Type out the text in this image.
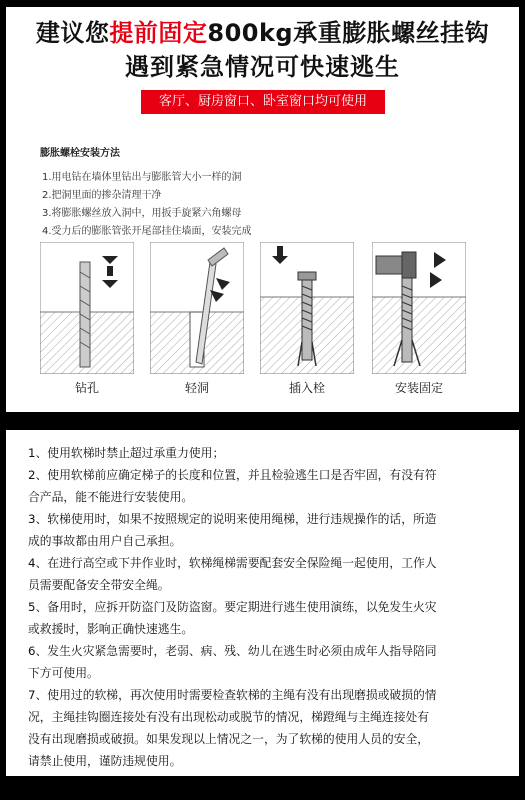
建议您提前固定800kg承重膨胀螺丝挂钩
遇到紧急情况可快速逃生
客厅、厨房窗口、卧室窗口均可使用
膨胀螺栓安装方法
1.用电钻在墙体里钻出与膨胀管大小一样的洞
2.把洞里面的掺杂清理干净
3.将膨胀螺丝放入洞中，用扳手旋紧六角螺母
4.受力后的膨胀管张开尾部挂住墙面，安装完成
钻孔	轻洞	插入栓	安装固定
1、使用软梯时禁止超过承重力使用；
2、使用软梯前应确定梯子的长度和位置，并且检验逃生口是否牢固，有没有符
合产品，能不能进行安装使用。
3、软梯使用时，如果不按照规定的说明来使用绳梯，进行违规操作的话，所造
成的事故都由用户自己承担。
4、在进行高空或下井作业时，软梯绳梯需要配套安全保险绳一起使用，工作人
员需要配备安全带安全绳。
5、备用时，应拆开防盗门及防盗窗。要定期进行逃生使用演练，以免发生火灾
或救援时，影响正确快速逃生。
6、发生火灾紧急需要时，老弱、病、残、幼儿在逃生时必须由成年人指导陪同
下方可使用。
7、使用过的软梯，再次使用时需要检查软梯的主绳有没有出现磨损或破损的情
况，主绳挂钩圈连接处有没有出现松动或脱节的情况，梯蹬绳与主绳连接处有
没有出现磨损或破损。如果发现以上情况之一，为了软梯的使用人员的安全，
请禁止使用，谨防违规使用。
